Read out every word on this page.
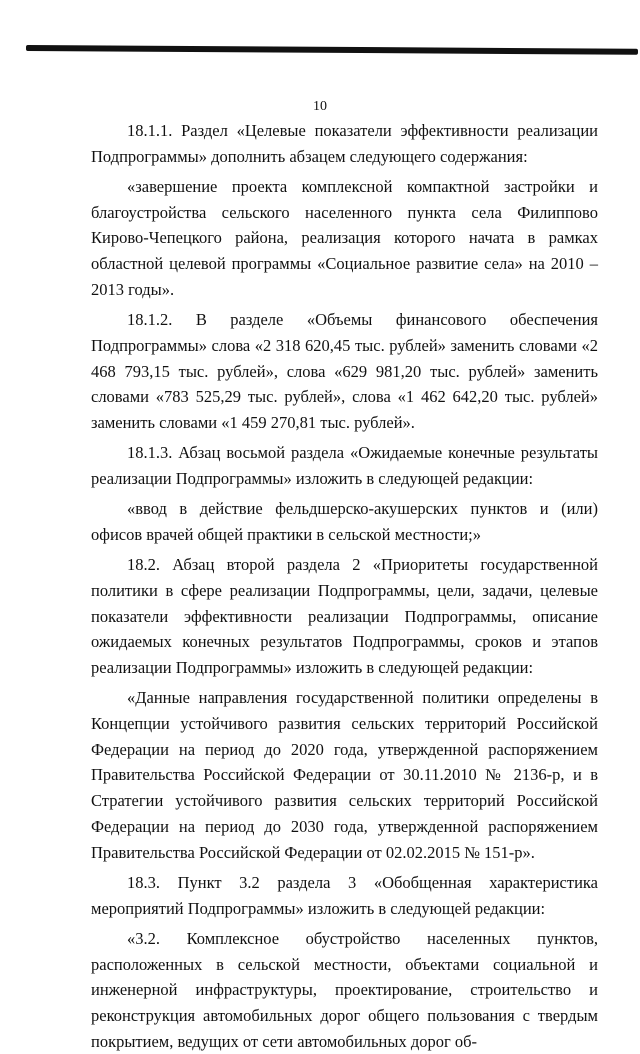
10

18.1.1. Раздел «Целевые показатели эффективности реализации Подпрограммы» дополнить абзацем следующего содержания:

«завершение проекта комплексной компактной застройки и благоустройства сельского населенного пункта села Филиппово Кирово-Чепецкого района, реализация которого начата в рамках областной целевой программы «Социальное развитие села» на 2010 – 2013 годы».

18.1.2. В разделе «Объемы финансового обеспечения Подпрограммы» слова «2 318 620,45 тыс. рублей» заменить словами «2 468 793,15 тыс. рублей», слова «629 981,20 тыс. рублей» заменить словами «783 525,29 тыс. рублей», слова «1 462 642,20 тыс. рублей» заменить словами «1 459 270,81 тыс. рублей».

18.1.3. Абзац восьмой раздела «Ожидаемые конечные результаты реализации Подпрограммы» изложить в следующей редакции:

«ввод в действие фельдшерско-акушерских пунктов и (или) офисов врачей общей практики в сельской местности;»

18.2. Абзац второй раздела 2 «Приоритеты государственной политики в сфере реализации Подпрограммы, цели, задачи, целевые показатели эффективности реализации Подпрограммы, описание ожидаемых конечных результатов Подпрограммы, сроков и этапов реализации Подпрограммы» изложить в следующей редакции:

«Данные направления государственной политики определены в Концепции устойчивого развития сельских территорий Российской Федерации на период до 2020 года, утвержденной распоряжением Правительства Российской Федерации от 30.11.2010 № 2136-р, и в Стратегии устойчивого развития сельских территорий Российской Федерации на период до 2030 года, утвержденной распоряжением Правительства Российской Федерации от 02.02.2015 № 151-р».

18.3. Пункт 3.2 раздела 3 «Обобщенная характеристика мероприятий Подпрограммы» изложить в следующей редакции:

«3.2. Комплексное обустройство населенных пунктов, расположенных в сельской местности, объектами социальной и инженерной инфраструктуры, проектирование, строительство и реконструкция автомобильных дорог общего пользования с твердым покрытием, ведущих от сети автомобильных дорог об-
